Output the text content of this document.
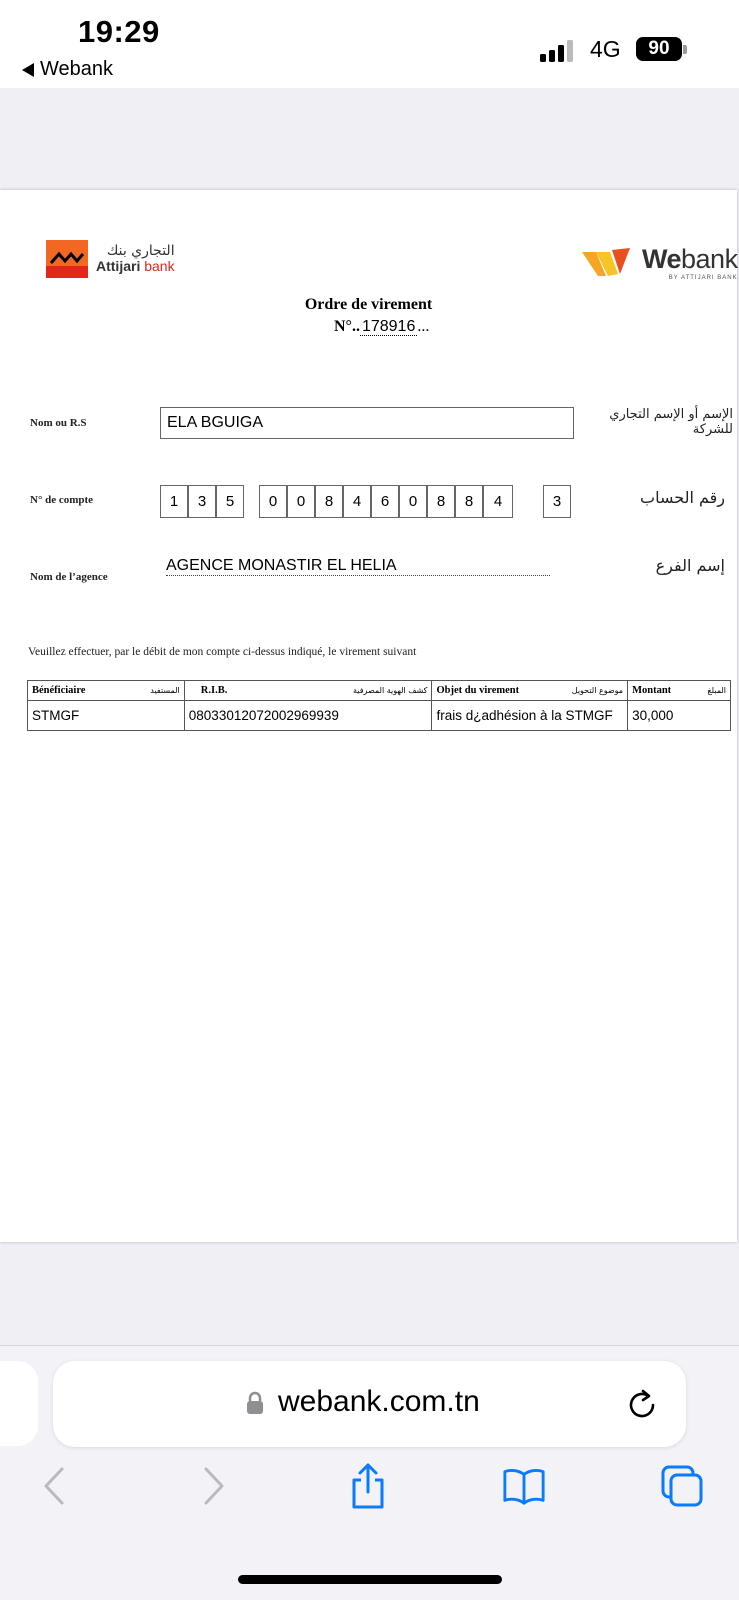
19:29
Webank
4G	90
التجاري بنك
Attijari bank	Webank
BY ATTIJARI BANK
Ordre de virement
N°.. 178916 ...
Nom ou R.S	ELA BGUIGA	الإسم أو الإسم التجاري للشركة
N° de compte	1	3	5	0	0	8	4	6	0	8	8	4	3	رقم الحساب
Nom de l’agence
AGENCE MONASTIR EL HELIA	إسم الفرع
Veuillez effectuer, par le débit de mon compte ci-dessus indiqué, le virement suivant
Bénéficiaire المستفيد	R.I.B. كشف الهوية المصرفية	Objet du virement موضوع التحويل	Montant المبلغ

STMGF	08033012072002969939	frais d¿adhésion à la STMGF	30,000
webank.com.tn
